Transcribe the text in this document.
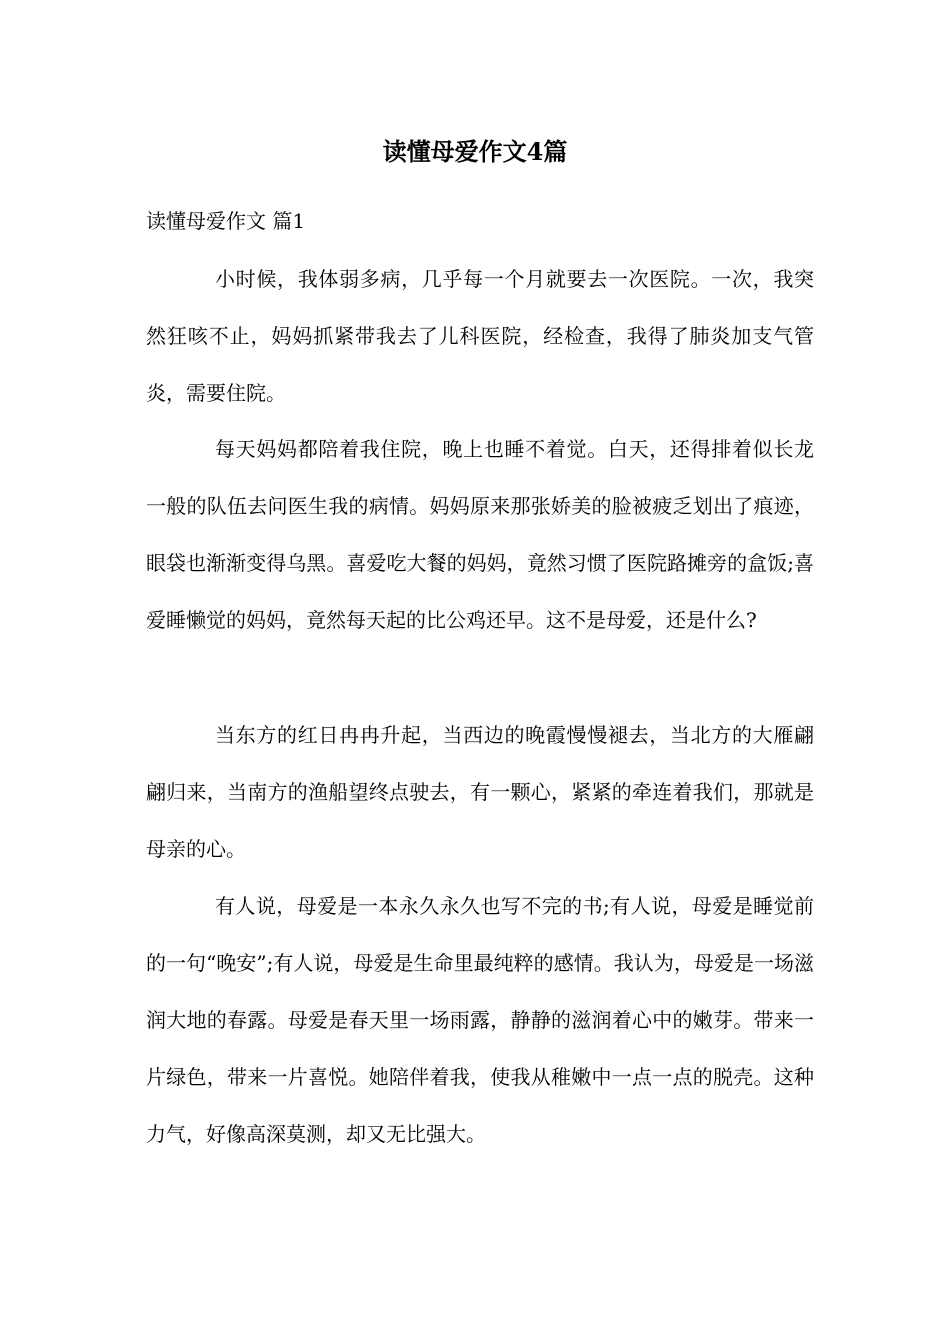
读懂母爱作文4篇
读懂母爱作文 篇1

小时候，我体弱多病，几乎每一个月就要去一次医院。一次，我突然狂咳不止，妈妈抓紧带我去了儿科医院，经检查，我得了肺炎加支气管炎，需要住院。

每天妈妈都陪着我住院，晚上也睡不着觉。白天，还得排着似长龙一般的队伍去问医生我的病情。妈妈原来那张娇美的脸被疲乏划出了痕迹，眼袋也渐渐变得乌黑。喜爱吃大餐的妈妈，竟然习惯了医院路摊旁的盒饭;喜爱睡懒觉的妈妈，竟然每天起的比公鸡还早。这不是母爱，还是什么?

当东方的红日冉冉升起，当西边的晚霞慢慢褪去，当北方的大雁翩翩归来，当南方的渔船望终点驶去，有一颗心，紧紧的牵连着我们，那就是母亲的心。

有人说，母爱是一本永久永久也写不完的书;有人说，母爱是睡觉前的一句“晚安”;有人说，母爱是生命里最纯粹的感情。我认为，母爱是一场滋润大地的春露。母爱是春天里一场雨露，静静的滋润着心中的嫩芽。带来一片绿色，带来一片喜悦。她陪伴着我，使我从稚嫩中一点一点的脱壳。这种力气，好像高深莫测，却又无比强大。
